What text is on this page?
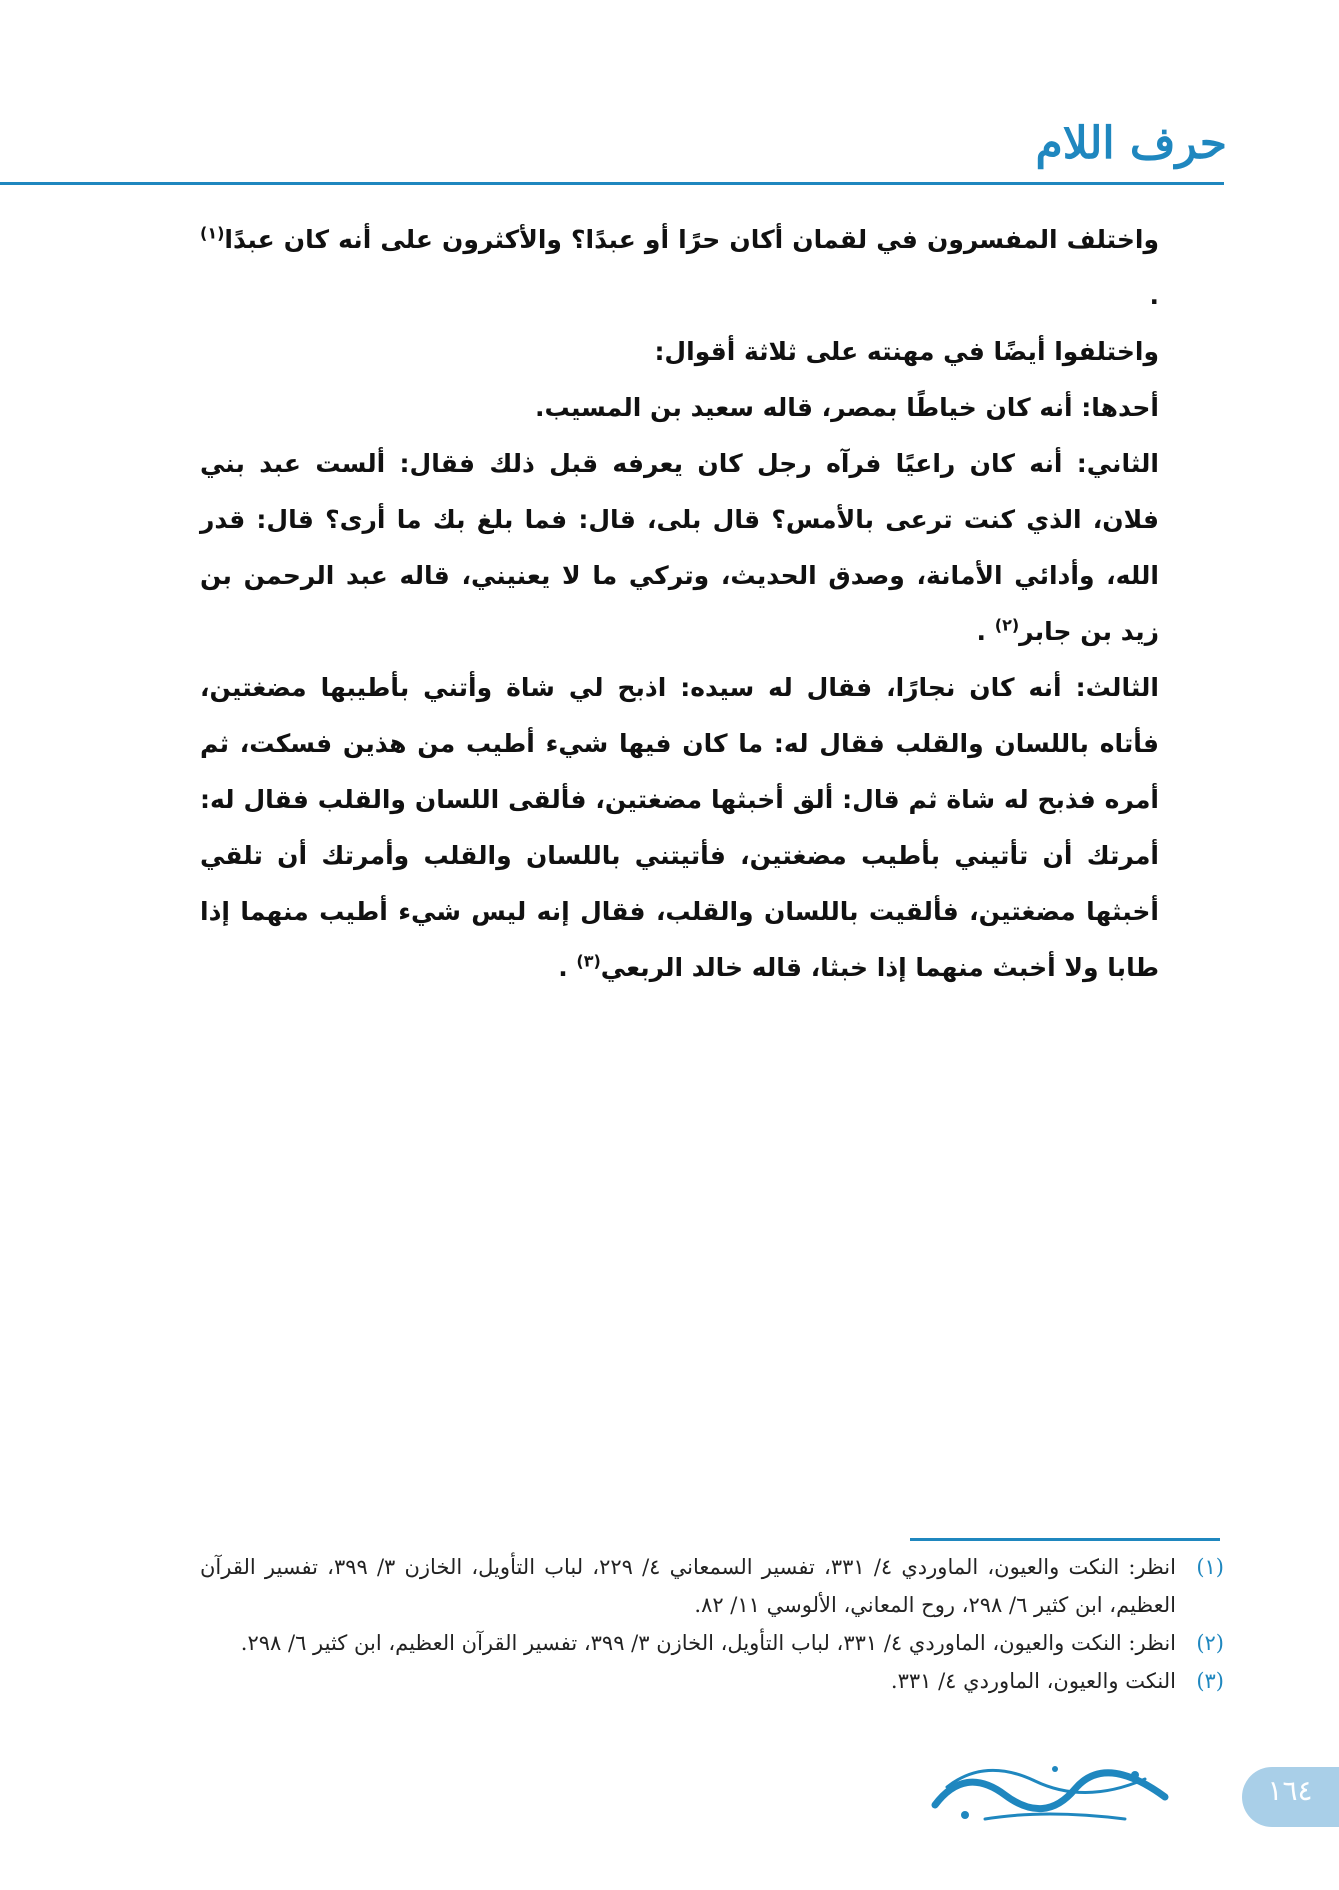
حرف اللام

واختلف المفسرون في لقمان أكان حرًا أو عبدًا؟ والأكثرون على أنه كان عبدًا$^{(١)}$ .

واختلفوا أيضًا في مهنته على ثلاثة أقوال:

أحدها: أنه كان خياطًا بمصر، قاله سعيد بن المسيب.

الثاني: أنه كان راعيًا فرآه رجل كان يعرفه قبل ذلك فقال: ألست عبد بني فلان، الذي كنت ترعى بالأمس؟ قال بلى، قال: فما بلغ بك ما أرى؟ قال: قدر الله، وأدائي الأمانة، وصدق الحديث، وتركي ما لا يعنيني، قاله عبد الرحمن بن زيد بن جابر$^{(٢)}$ .

الثالث: أنه كان نجارًا، فقال له سيده: اذبح لي شاة وأتني بأطيبها مضغتين، فأتاه باللسان والقلب فقال له: ما كان فيها شيء أطيب من هذين فسكت، ثم أمره فذبح له شاة ثم قال: ألق أخبثها مضغتين، فألقى اللسان والقلب فقال له: أمرتك أن تأتيني بأطيب مضغتين، فأتيتني باللسان والقلب وأمرتك أن تلقي أخبثها مضغتين، فألقيت باللسان والقلب، فقال إنه ليس شيء أطيب منهما إذا طابا ولا أخبث منهما إذا خبثا، قاله خالد الربعي$^{(٣)}$ .

(١)
انظر: النكت والعيون، الماوردي ٤/ ٣٣١، تفسير السمعاني ٤/ ٢٢٩، لباب التأويل، الخازن ٣/ ٣٩٩، تفسير القرآن العظيم، ابن كثير ٦/ ٢٩٨، روح المعاني، الألوسي ١١/ ٨٢.

(٢)
انظر: النكت والعيون، الماوردي ٤/ ٣٣١، لباب التأويل، الخازن ٣/ ٣٩٩، تفسير القرآن العظيم، ابن كثير ٦/ ٢٩٨.

(٣)
النكت والعيون، الماوردي ٤/ ٣٣١.

١٦٤
